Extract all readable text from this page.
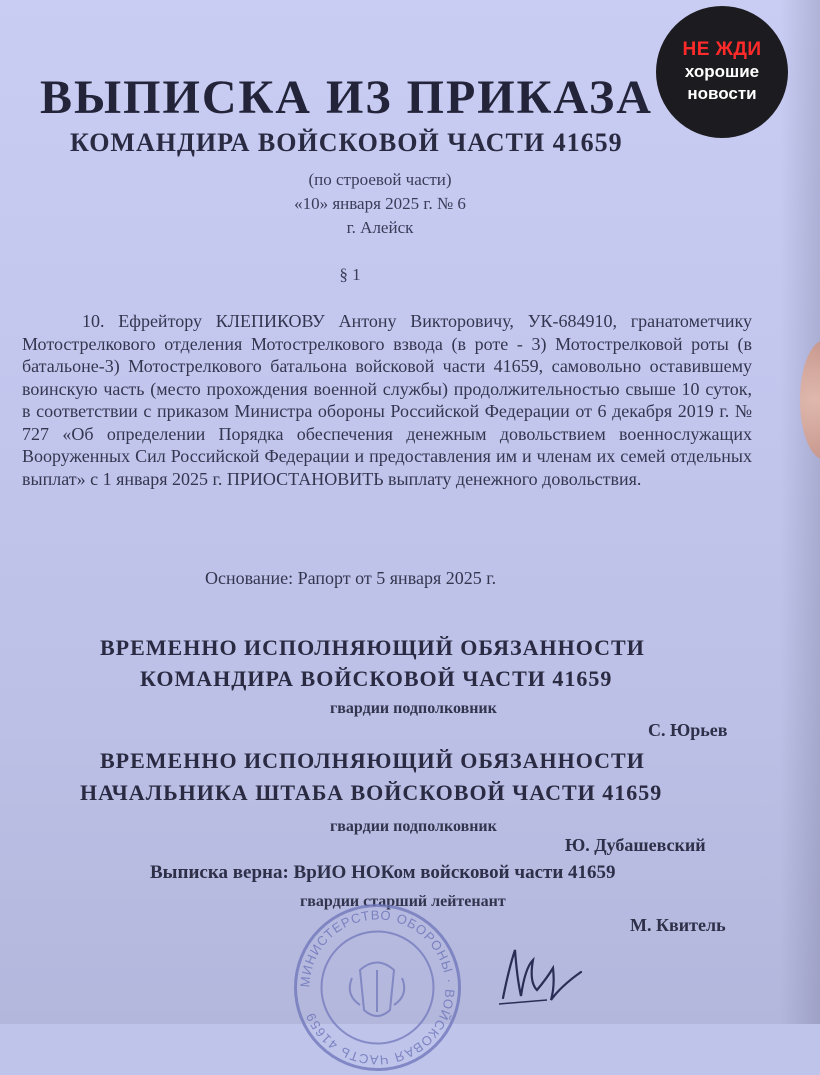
ВЫПИСКА ИЗ ПРИКАЗА
КОМАНДИРА ВОЙСКОВОЙ ЧАСТИ 41659
(по строевой части)
«10» января 2025 г. № 6
г. Алейск
§ 1
10. Ефрейтору КЛЕПИКОВУ Антону Викторовичу, УК-684910, гранатометчику Мотострелкового отделения Мотострелкового взвода (в роте - 3) Мотострелковой роты (в батальоне-3) Мотострелкового батальона войсковой части 41659, самовольно оставившему воинскую часть (место прохождения военной службы) продолжительностью свыше 10 суток, в соответствии с приказом Министра обороны Российской Федерации от 6 декабря 2019 г. № 727 «Об определении Порядка обеспечения денежным довольствием военнослужащих Вооруженных Сил Российской Федерации и предоставления им и членам их семей отдельных выплат» с 1 января 2025 г. ПРИОСТАНОВИТЬ выплату денежного довольствия.
Основание: Рапорт от 5 января 2025 г.
ВРЕМЕННО ИСПОЛНЯЮЩИЙ ОБЯЗАННОСТИ
КОМАНДИРА ВОЙСКОВОЙ ЧАСТИ 41659
гвардии подполковник
С. Юрьев
ВРЕМЕННО ИСПОЛНЯЮЩИЙ ОБЯЗАННОСТИ
НАЧАЛЬНИКА ШТАБА ВОЙСКОВОЙ ЧАСТИ 41659
гвардии подполковник
Ю. Дубашевский
Выписка верна: ВрИО НОКом войсковой части 41659
гвардии старший лейтенант
М. Квитель
МИНИСТЕРСТВО ОБОРОНЫ · ВОЙСКОВАЯ ЧАСТЬ 41659
НЕ ЖДИ
хорошие
новости
